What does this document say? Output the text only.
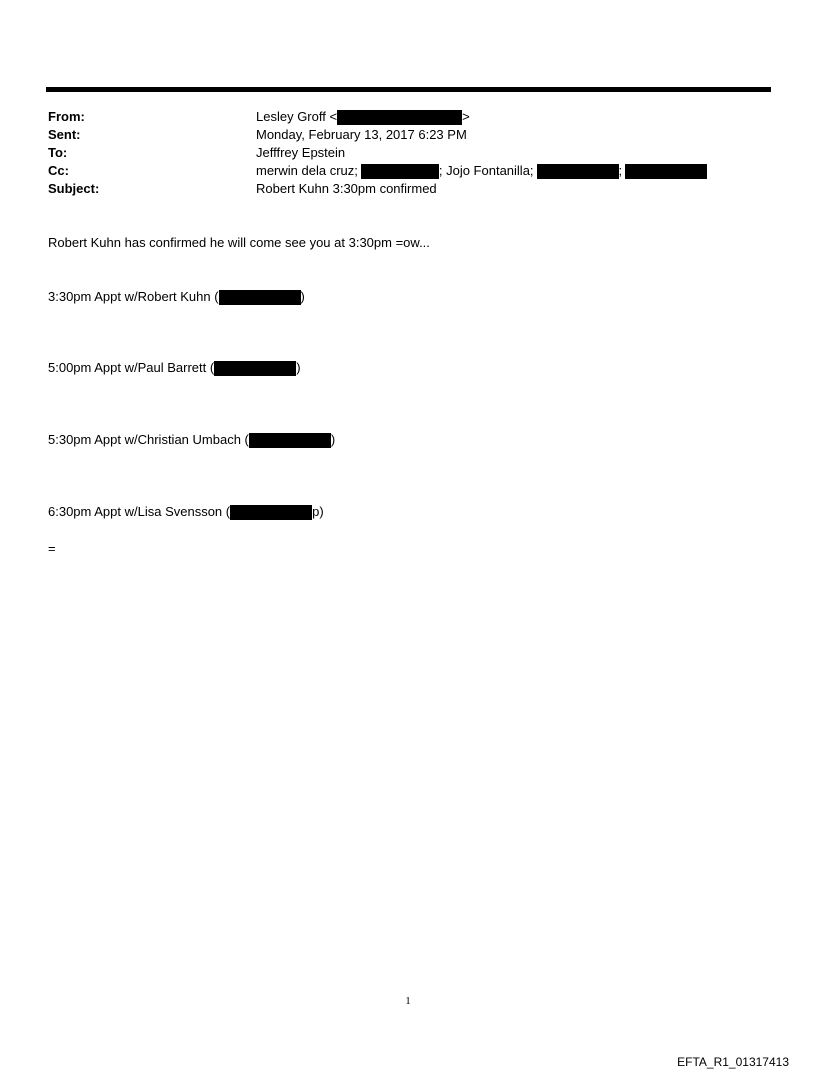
From:	Lesley Groff <	>
Sent:	Monday, February 13, 2017 6:23 PM
To:	Jefffrey Epstein
Cc:	merwin dela cruz;	; Jojo Fontanilla;	;
Subject:	Robert Kuhn 3:30pm confirmed
Robert Kuhn has confirmed he will come see you at 3:30pm =ow...
3:30pm Appt w/Robert Kuhn (	)
5:00pm Appt w/Paul Barrett (	)
5:30pm Appt w/Christian Umbach (	)
6:30pm Appt w/Lisa Svensson (	p)
=
1
EFTA_R1_01317413
